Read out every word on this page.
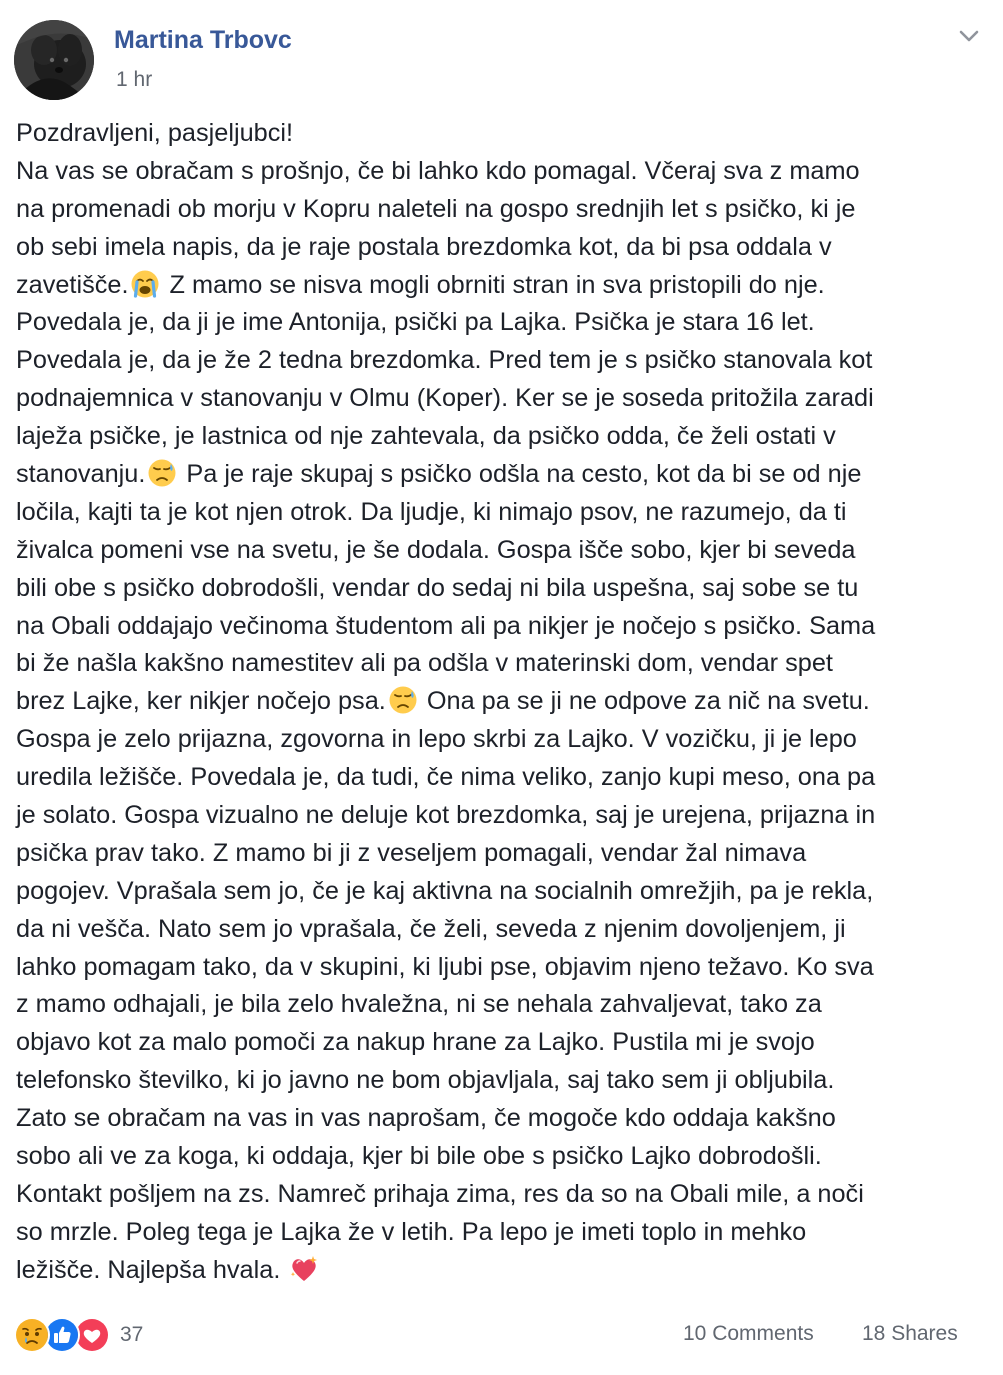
Martina Trbovc
1 hr
Pozdravljeni, pasjeljubci!
Na vas se obračam s prošnjo, če bi lahko kdo pomagal. Včeraj sva z mamo
na promenadi ob morju v Kopru naleteli na gospo srednjih let s psičko, ki je
ob sebi imela napis, da je raje postala brezdomka kot, da bi psa oddala v
zavetišče.
Z mamo se nisva mogli obrniti stran in sva pristopili do nje.
Povedala je, da ji je ime Antonija, psički pa Lajka. Psička je stara 16 let.
Povedala je, da je že 2 tedna brezdomka. Pred tem je s psičko stanovala kot
podnajemnica v stanovanju v Olmu (Koper). Ker se je soseda pritožila zaradi
laježa psičke, je lastnica od nje zahtevala, da psičko odda, če želi ostati v
stanovanju.
Pa je raje skupaj s psičko odšla na cesto, kot da bi se od nje
ločila, kajti ta je kot njen otrok. Da ljudje, ki nimajo psov, ne razumejo, da ti
živalca pomeni vse na svetu, je še dodala. Gospa išče sobo, kjer bi seveda
bili obe s psičko dobrodošli, vendar do sedaj ni bila uspešna, saj sobe se tu
na Obali oddajajo večinoma študentom ali pa nikjer je nočejo s psičko. Sama
bi že našla kakšno namestitev ali pa odšla v materinski dom, vendar spet
brez Lajke, ker nikjer nočejo psa.
Ona pa se ji ne odpove za nič na svetu.
Gospa je zelo prijazna, zgovorna in lepo skrbi za Lajko. V vozičku, ji je lepo
uredila ležišče. Povedala je, da tudi, če nima veliko, zanjo kupi meso, ona pa
je solato. Gospa vizualno ne deluje kot brezdomka, saj je urejena, prijazna in
psička prav tako. Z mamo bi ji z veseljem pomagali, vendar žal nimava
pogojev. Vprašala sem jo, če je kaj aktivna na socialnih omrežjih, pa je rekla,
da ni vešča. Nato sem jo vprašala, če želi, seveda z njenim dovoljenjem, ji
lahko pomagam tako, da v skupini, ki ljubi pse, objavim njeno težavo. Ko sva
z mamo odhajali, je bila zelo hvaležna, ni se nehala zahvaljevat, tako za
objavo kot za malo pomoči za nakup hrane za Lajko. Pustila mi je svojo
telefonsko številko, ki jo javno ne bom objavljala, saj tako sem ji obljubila.
Zato se obračam na vas in vas naprošam, če mogoče kdo oddaja kakšno
sobo ali ve za koga, ki oddaja, kjer bi bile obe s psičko Lajko dobrodošli.
Kontakt pošljem na zs. Namreč prihaja zima, res da so na Obali mile, a noči
so mrzle. Poleg tega je Lajka že v letih. Pa lepo je imeti toplo in mehko
ležišče. Najlepša hvala.
37	10 Comments 18 Shares
